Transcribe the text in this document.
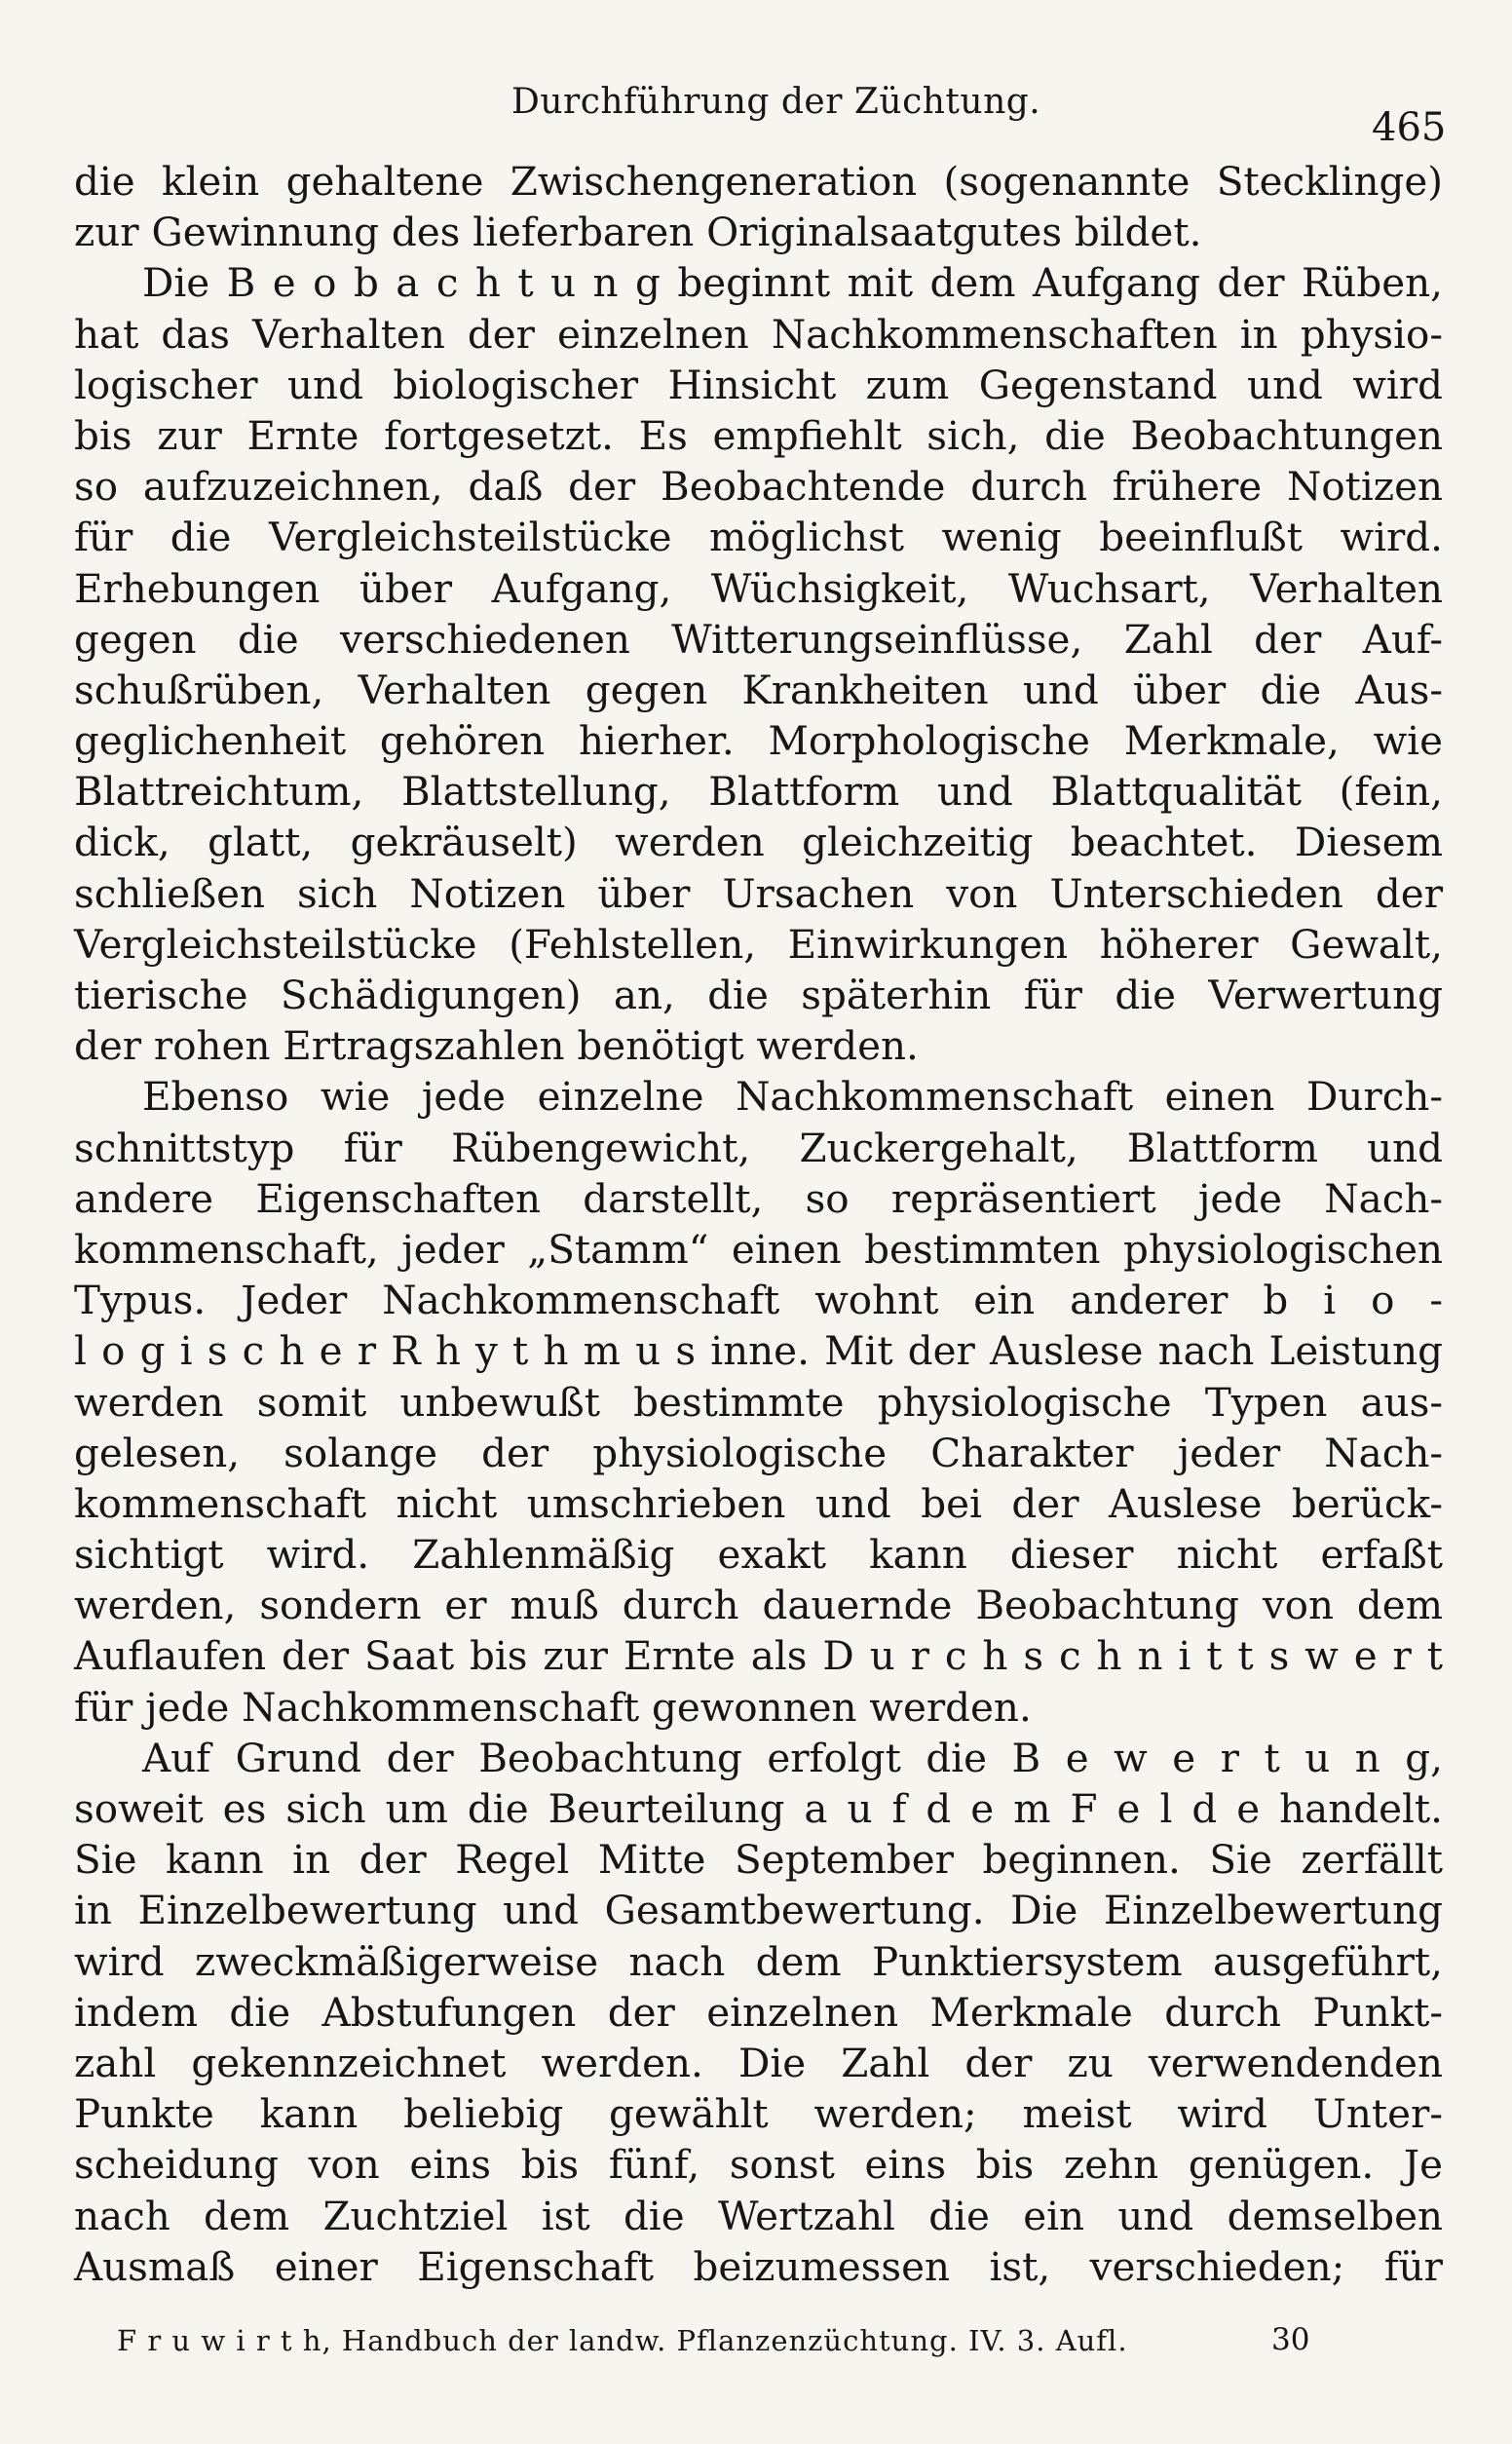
Durchführung der Züchtung.
465
die klein gehaltene Zwischengeneration (sogenannte Stecklinge)
zur Gewinnung des lieferbaren Originalsaatgutes bildet.
Die B e o b a c h t u n g beginnt mit dem Aufgang der Rüben,
hat das Verhalten der einzelnen Nachkommenschaften in physio-
logischer und biologischer Hinsicht zum Gegenstand und wird
bis zur Ernte fortgesetzt. Es empfiehlt sich, die Beobachtungen
so aufzuzeichnen, daß der Beobachtende durch frühere Notizen
für die Vergleichsteilstücke möglichst wenig beeinflußt wird.
Erhebungen über Aufgang, Wüchsigkeit, Wuchsart, Verhalten
gegen die verschiedenen Witterungseinflüsse, Zahl der Auf-
schußrüben, Verhalten gegen Krankheiten und über die Aus-
geglichenheit gehören hierher. Morphologische Merkmale, wie
Blattreichtum, Blattstellung, Blattform und Blattqualität (fein,
dick, glatt, gekräuselt) werden gleichzeitig beachtet. Diesem
schließen sich Notizen über Ursachen von Unterschieden der
Vergleichsteilstücke (Fehlstellen, Einwirkungen höherer Gewalt,
tierische Schädigungen) an, die späterhin für die Verwertung
der rohen Ertragszahlen benötigt werden.
Ebenso wie jede einzelne Nachkommenschaft einen Durch-
schnittstyp für Rübengewicht, Zuckergehalt, Blattform und
andere Eigenschaften darstellt, so repräsentiert jede Nach-
kommenschaft, jeder „Stamm“ einen bestimmten physiologischen
Typus. Jeder Nachkommenschaft wohnt ein anderer b i o -
l o g i s c h e r R h y t h m u s inne. Mit der Auslese nach Leistung
werden somit unbewußt bestimmte physiologische Typen aus-
gelesen, solange der physiologische Charakter jeder Nach-
kommenschaft nicht umschrieben und bei der Auslese berück-
sichtigt wird. Zahlenmäßig exakt kann dieser nicht erfaßt
werden, sondern er muß durch dauernde Beobachtung von dem
Auflaufen der Saat bis zur Ernte als D u r c h s c h n i t t s w e r t
für jede Nachkommenschaft gewonnen werden.
Auf Grund der Beobachtung erfolgt die B e w e r t u n g,
soweit es sich um die Beurteilung a u f d e m F e l d e handelt.
Sie kann in der Regel Mitte September beginnen. Sie zerfällt
in Einzelbewertung und Gesamtbewertung. Die Einzelbewertung
wird zweckmäßigerweise nach dem Punktiersystem ausgeführt,
indem die Abstufungen der einzelnen Merkmale durch Punkt-
zahl gekennzeichnet werden. Die Zahl der zu verwendenden
Punkte kann beliebig gewählt werden; meist wird Unter-
scheidung von eins bis fünf, sonst eins bis zehn genügen. Je
nach dem Zuchtziel ist die Wertzahl die ein und demselben
Ausmaß einer Eigenschaft beizumessen ist, verschieden; für
F r u w i r t h, Handbuch der landw. Pflanzenzüchtung. IV. 3. Aufl.	30
